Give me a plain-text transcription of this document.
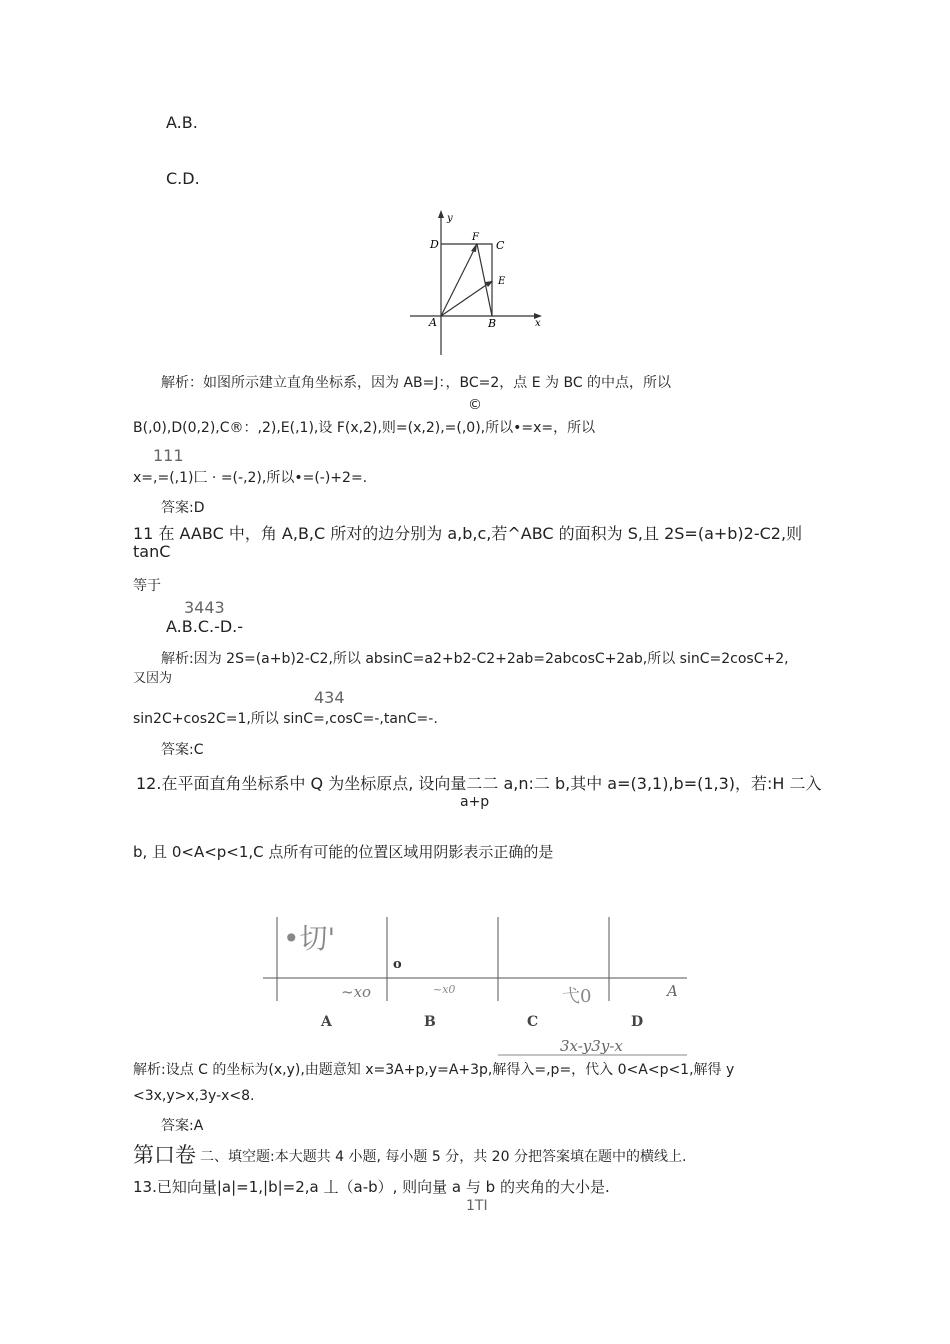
A.B.
C.D.
y
D
F
C
E
A	B	x
解析：如图所示建立直角坐标系，因为 AB=J：，BC=2，点 E 为 BC 的中点，所以
©
B(,0),D(0,2),C®：,2),E(,1),设 F(x,2),则=(x,2),=(,0),所以•=x=，所以
111
x=,=(,1)匚 · =(-,2),所以•=(-)+2=.
答案:D
11 在 AABC 中，角 A,B,C 所对的边分别为 a,b,c,若^ABC 的面积为 S,且 2S=(a+b)2-C2,则
tanC
等于
3443
A.B.C.-D.-
解析:因为 2S=(a+b)2-C2,所以 absinC=a2+b2-C2+2ab=2abcosC+2ab,所以 sinC=2cosC+2,
又因为
434
sin2C+cos2C=1,所以 sinC=,cosC=-,tanC=-.
答案:C
12.在平面直角坐标系中 Q 为坐标原点, 设向量二二 a,n:二 b,其中 a=(3,1),b=(1,3)，若:H 二入
a+p
b, 且 0<A<p<1,C 点所有可能的位置区域用阴影表示正确的是
•切'
o
~xo	~x0	弋0	A
A	B	C	D
3x-y3y-x
解析:设点 C 的坐标为(x,y),由题意知 x=3A+p,y=A+3p,解得入=,p=，代入 0<A<p<1,解得 y
<3x,y>x,3y-x<8.
答案:A
第口卷 二、填空题:本大题共 4 小题, 每小题 5 分，共 20 分把答案填在题中的横线上.
13.已知向量|a|=1,|b|=2,a 丄（a-b）, 则向量 a 与 b 的夹角的大小是.
1TI
